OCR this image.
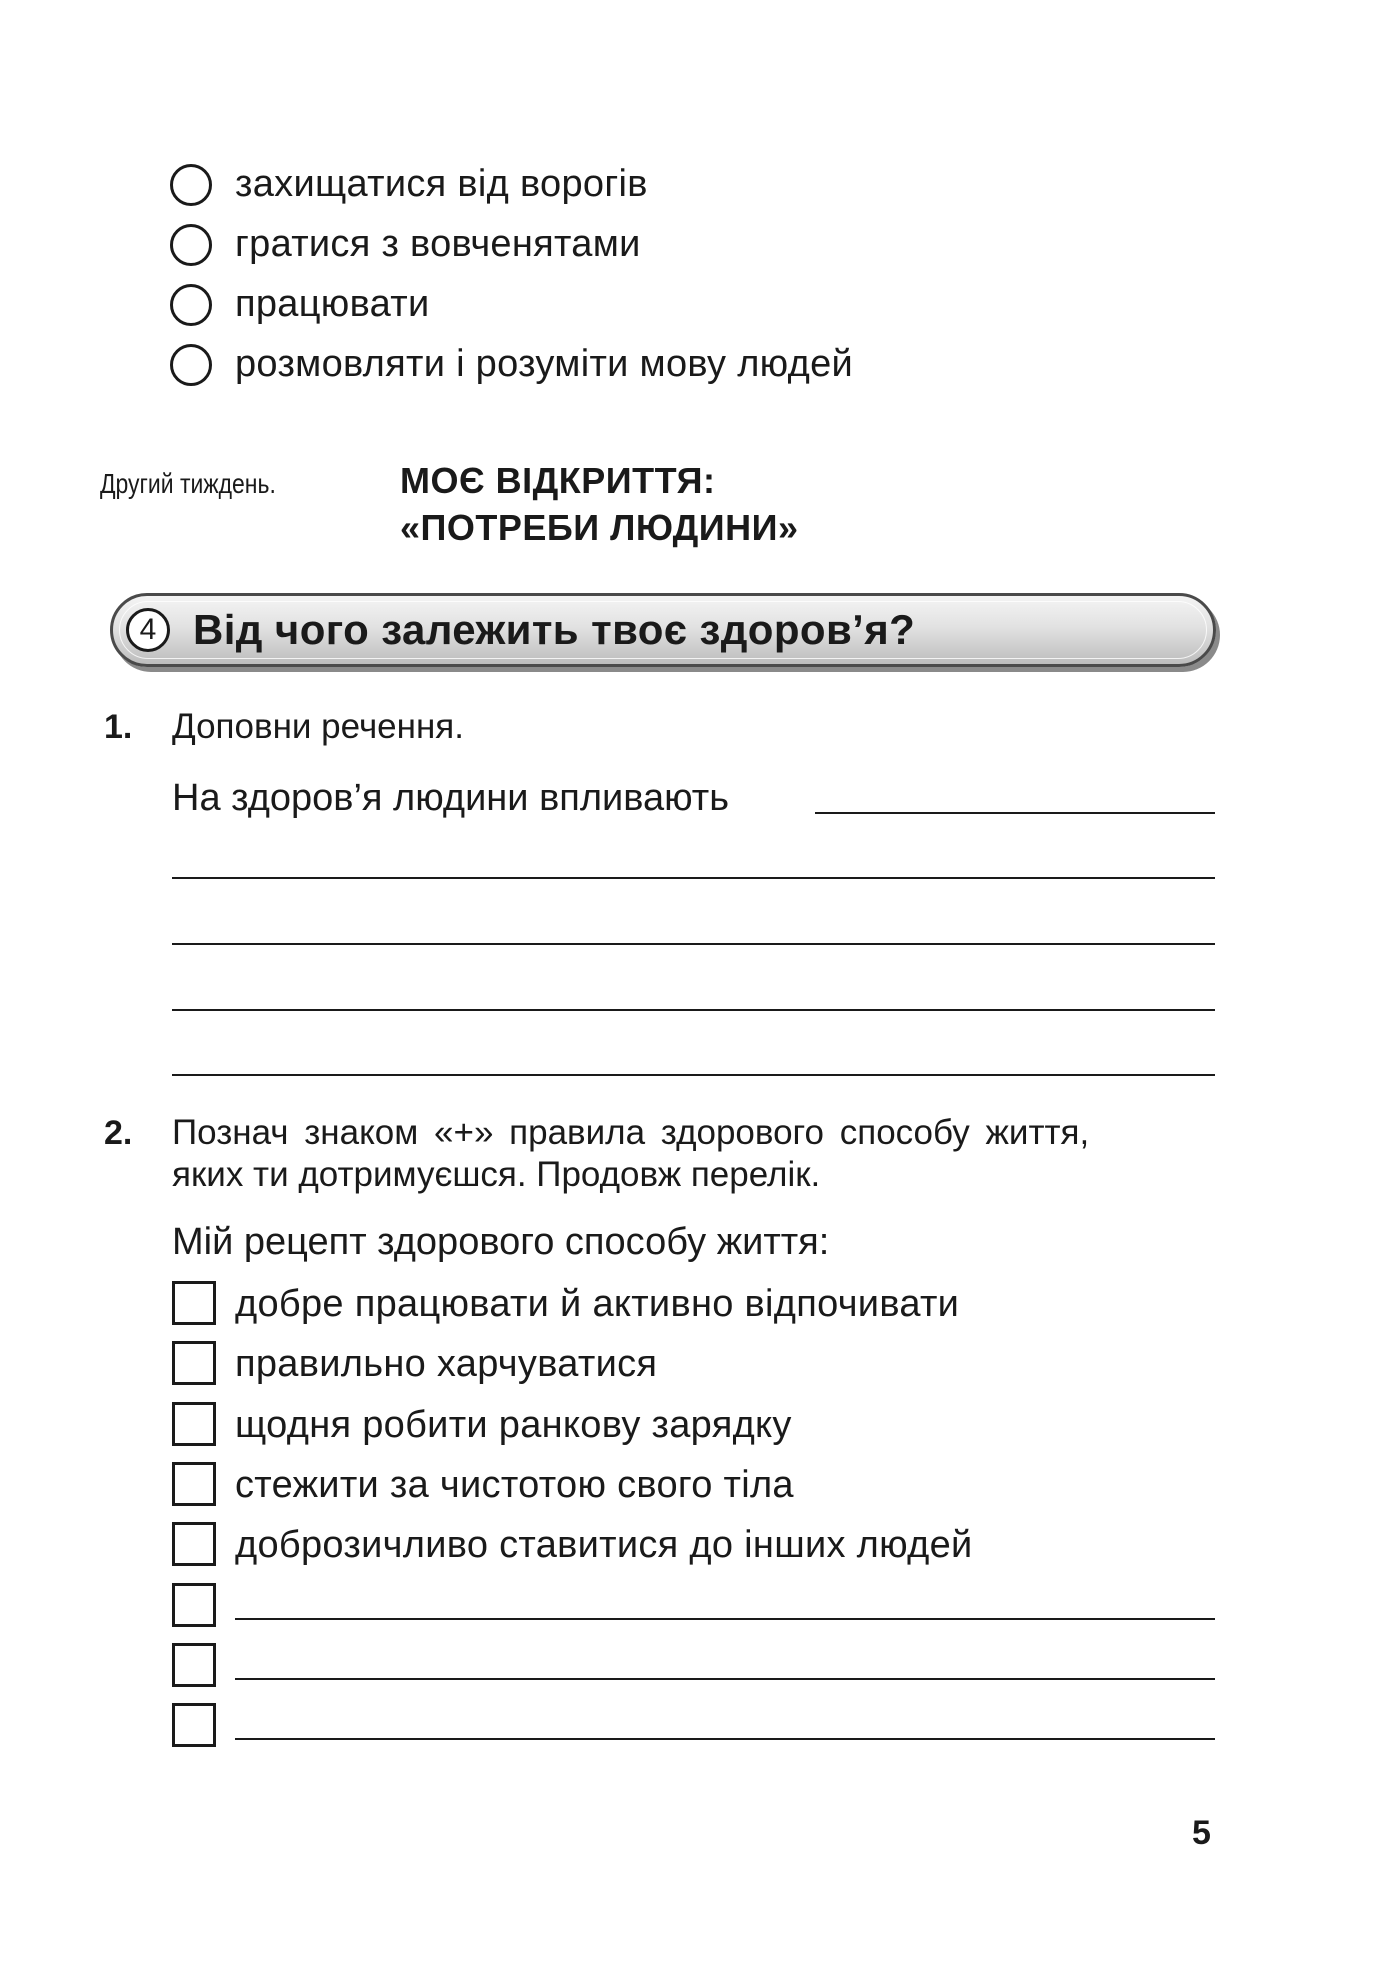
захищатися від ворогів
гратися з вовченятами
працювати
розмовляти і розуміти мову людей
Другий тиждень.	МОЄ ВІДКРИТТЯ:
«ПОТРЕБИ ЛЮДИНИ»
4 Від чого залежить твоє здоров’я?
1. Доповни речення.
На здоров’я людини впливають
2. Познач знаком «+» правила здорового способу життя,
яких ти дотримуєшся. Продовж перелік.
Мій рецепт здорового способу життя:
добре працювати й активно відпочивати
правильно харчуватися
щодня робити ранкову зарядку
стежити за чистотою свого тіла
доброзичливо ставитися до інших людей
5
